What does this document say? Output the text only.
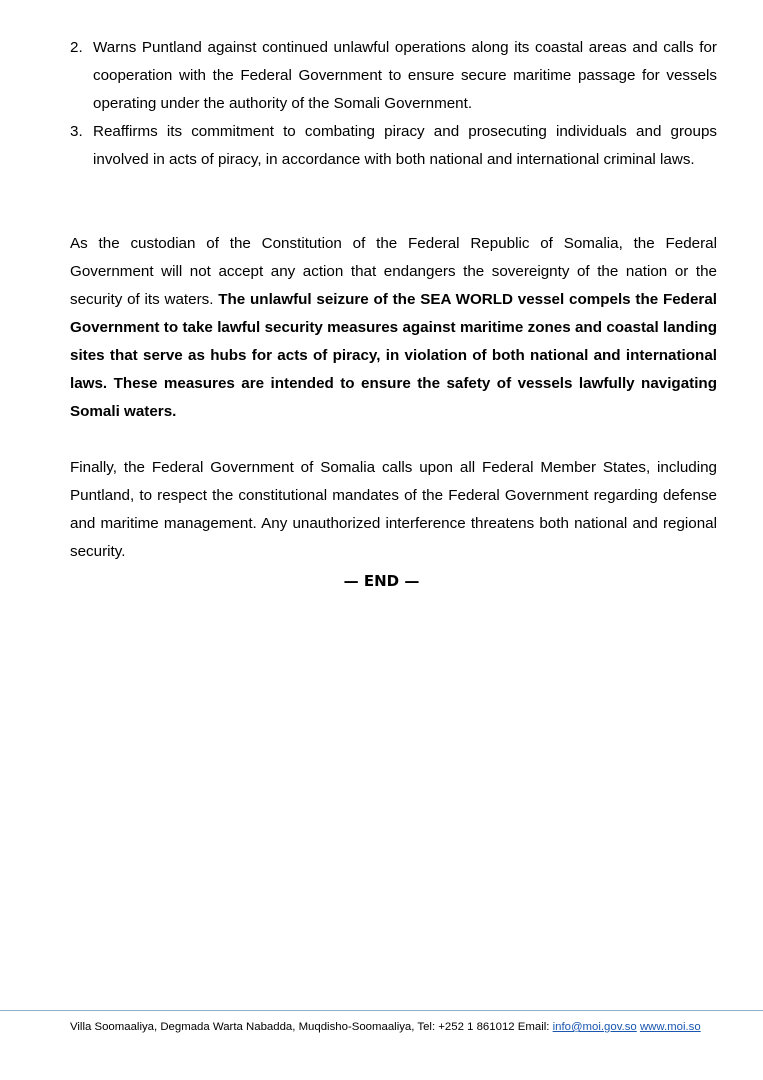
2. Warns Puntland against continued unlawful operations along its coastal areas and calls for cooperation with the Federal Government to ensure secure maritime passage for vessels operating under the authority of the Somali Government.
3. Reaffirms its commitment to combating piracy and prosecuting individuals and groups involved in acts of piracy, in accordance with both national and international criminal laws.

As the custodian of the Constitution of the Federal Republic of Somalia, the Federal Government will not accept any action that endangers the sovereignty of the nation or the security of its waters. The unlawful seizure of the SEA WORLD vessel compels the Federal Government to take lawful security measures against maritime zones and coastal landing sites that serve as hubs for acts of piracy, in violation of both national and international laws. These measures are intended to ensure the safety of vessels lawfully navigating Somali waters.

Finally, the Federal Government of Somalia calls upon all Federal Member States, including Puntland, to respect the constitutional mandates of the Federal Government regarding defense and maritime management. Any unauthorized interference threatens both national and regional security.

— END —
Villa Soomaaliya, Degmada Warta Nabadda, Muqdisho-Soomaaliya, Tel: +252 1 861012 Email: info@moi.gov.so www.moi.so
